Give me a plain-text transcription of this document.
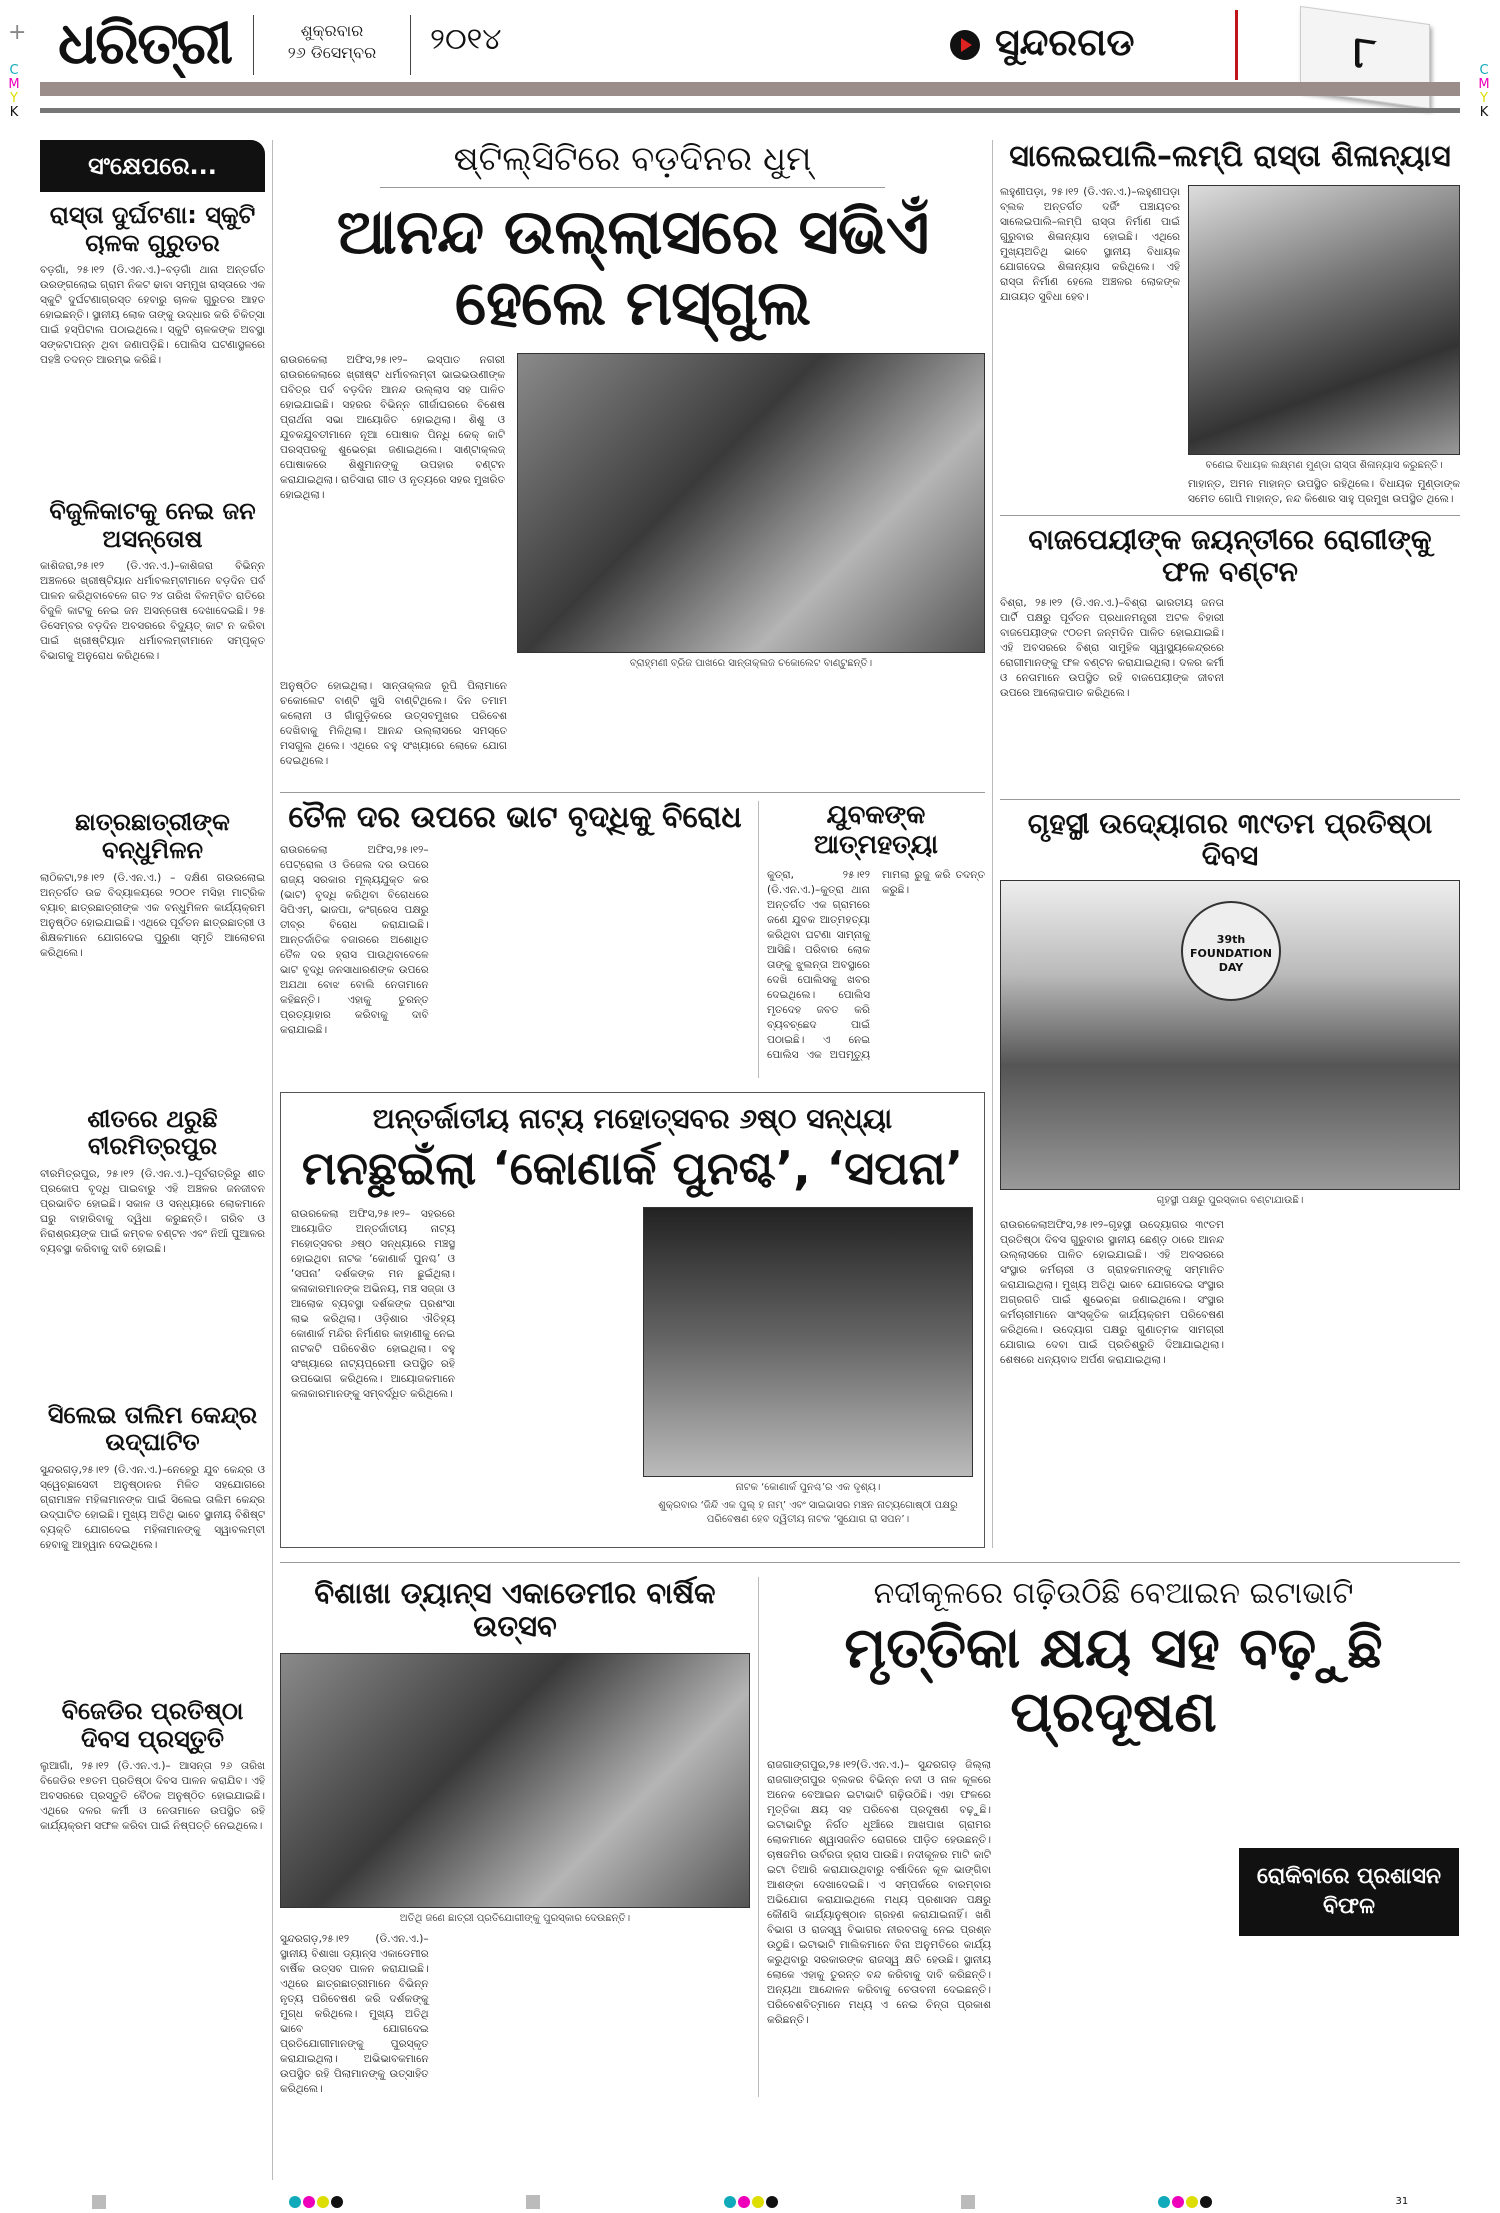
+
C
M
Y
K
C
M
Y
K
ଧରିତ୍ରୀ	ଶୁକ୍ରବାର
୨୬ ଡିସେମ୍ବର	୨୦୧୪	ସୁନ୍ଦରଗଡ	୮
ସଂକ୍ଷେପରେ...
ରାସ୍ତା ଦୁର୍ଘଟଣା: ସ୍କୁଟି ଚାଳକ ଗୁରୁତର
ବଡ଼ଗାଁ, ୨୫।୧୨ (ଡି.ଏନ.ଏ.)–ବଡ଼ଗାଁ ଥାନା ଅନ୍ତର୍ଗତ ଉରଙ୍ଗଲୋଇ ଗ୍ରାମ ନିକଟ ଢାବା ସମ୍ମୁଖ ରାସ୍ତାରେ ଏକ ସ୍କୁଟି ଦୁର୍ଘଟଣାଗ୍ରସ୍ତ ହେବାରୁ ଚାଳକ ଗୁରୁତର ଆହତ ହୋଇଛନ୍ତି। ସ୍ଥାନୀୟ ଲୋକ ତାଙ୍କୁ ଉଦ୍ଧାର କରି ଚିକିତ୍ସା ପାଇଁ ହସ୍ପିଟାଲ ପଠାଇଥିଲେ। ସ୍କୁଟି ଚାଳକଙ୍କ ଅବସ୍ଥା ସଙ୍କଟାପନ୍ନ ଥିବା ଜଣାପଡ଼ିଛି। ପୋଲିସ ଘଟଣାସ୍ଥଳରେ ପହଞ୍ଚି ତଦନ୍ତ ଆରମ୍ଭ କରିଛି।
ବିଜୁଳିକାଟକୁ ନେଇ ଜନ ଅସନ୍ତୋଷ
କାଶିଜରା,୨୫।୧୨ (ଡି.ଏନ.ଏ.)–କାଶିଜରା ବିଭିନ୍ନ ଅଞ୍ଚଳରେ ଖ୍ରୀଷ୍ଟିୟାନ ଧର୍ମାବଲମ୍ବୀମାନେ ବଡ଼ଦିନ ପର୍ବ ପାଳନ କରିଥିବାବେଳେ ଗତ ୨୪ ତାରିଖ ବିଳମ୍ବିତ ରାତିରେ ବିଜୁଳି କାଟକୁ ନେଇ ଜନ ଅସନ୍ତୋଷ ଦେଖାଦେଇଛି। ୨୫ ଡିସେମ୍ବର ବଡ଼ଦିନ ଅବସରରେ ବିଦ୍ୟୁତ୍ କାଟ ନ କରିବା ପାଇଁ ଖ୍ରୀଷ୍ଟିୟାନ ଧର୍ମାବଲମ୍ବୀମାନେ ସମ୍ପୃକ୍ତ ବିଭାଗକୁ ଅନୁରୋଧ କରିଥିଲେ।
ଛାତ୍ରଛାତ୍ରୀଙ୍କ ବନ୍ଧୁମିଳନ
ଲାଠିକଟା,୨୫।୧୨ (ଡି.ଏନ.ଏ.) – ଦକ୍ଷିଣ ଗଉରଲୋଇ ଅନ୍ତର୍ଗତ ଉଚ୍ଚ ବିଦ୍ୟାଳୟରେ ୨୦୦୧ ମସିହା ମାଟ୍ରିକ ବ୍ୟାଚ୍ ଛାତ୍ରଛାତ୍ରୀଙ୍କ ଏକ ବନ୍ଧୁମିଳନ କାର୍ଯ୍ୟକ୍ରମ ଅନୁଷ୍ଠିତ ହୋଇଯାଇଛି। ଏଥିରେ ପୂର୍ବତନ ଛାତ୍ରଛାତ୍ରୀ ଓ ଶିକ୍ଷକମାନେ ଯୋଗଦେଇ ପୁରୁଣା ସ୍ମୃତି ଆଲୋଚନା କରିଥିଲେ।
ଶୀତରେ ଥରୁଛି ବୀରମିତ୍ରପୁର
ବୀରମିତ୍ରପୁର, ୨୫।୧୨ (ଡି.ଏନ.ଏ.)–ପୂର୍ବରାତ୍ରିରୁ ଶୀତ ପ୍ରକୋପ ବୃଦ୍ଧି ପାଇବାରୁ ଏହି ଅଞ୍ଚଳର ଜନଜୀବନ ପ୍ରଭାବିତ ହୋଇଛି। ସକାଳ ଓ ସନ୍ଧ୍ୟାରେ ଲୋକମାନେ ଘରୁ ବାହାରିବାକୁ ଦ୍ୱିଧା କରୁଛନ୍ତି। ଗରିବ ଓ ନିରାଶ୍ରୟଙ୍କ ପାଇଁ କମ୍ବଳ ବଣ୍ଟନ ଏବଂ ନିଆଁ ପୁଆଳର ବ୍ୟବସ୍ଥା କରିବାକୁ ଦାବି ହୋଇଛି।
ସିଲେଇ ତାଲିମ କେନ୍ଦ୍ର ଉଦ୍‌ଘାଟିତ
ସୁନ୍ଦରଗଡ଼,୨୫।୧୨ (ଡି.ଏନ.ଏ.)–ନେହେରୁ ଯୁବ କେନ୍ଦ୍ର ଓ ସ୍ୱେଚ୍ଛାସେବୀ ଅନୁଷ୍ଠାନର ମିଳିତ ସହଯୋଗରେ ଗ୍ରାମାଞ୍ଚଳ ମହିଳାମାନଙ୍କ ପାଇଁ ସିଲେଇ ତାଲିମ କେନ୍ଦ୍ର ଉଦ୍‌ଘାଟିତ ହୋଇଛି। ମୁଖ୍ୟ ଅତିଥି ଭାବେ ସ୍ଥାନୀୟ ବିଶିଷ୍ଟ ବ୍ୟକ୍ତି ଯୋଗଦେଇ ମହିଳାମାନଙ୍କୁ ସ୍ୱାବଲମ୍ବୀ ହେବାକୁ ଆହ୍ୱାନ ଦେଇଥିଲେ।
ବିଜେଡିର ପ୍ରତିଷ୍ଠା ଦିବସ ପ୍ରସ୍ତୁତି
ଲୁଆଗାଁ, ୨୫।୧୨ (ଡି.ଏନ.ଏ.)– ଆସନ୍ତା ୨୬ ତାରିଖ ବିଜେଡିର ୧୭ତମ ପ୍ରତିଷ୍ଠା ଦିବସ ପାଳନ କରାଯିବ। ଏହି ଅବସରରେ ପ୍ରସ୍ତୁତି ବୈଠକ ଅନୁଷ୍ଠିତ ହୋଇଯାଇଛି। ଏଥିରେ ଦଳର କର୍ମୀ ଓ ନେତାମାନେ ଉପସ୍ଥିତ ରହି କାର୍ଯ୍ୟକ୍ରମ ସଫଳ କରିବା ପାଇଁ ନିଷ୍ପତ୍ତି ନେଇଥିଲେ।
ଷ୍ଟିଲ୍‌ସିଟିରେ ବଡ଼ଦିନର ଧୁମ୍
ଆନନ୍ଦ ଉଲ୍ଲାସରେ ସଭିଏଁ ହେଲେ ମସ୍‌ଗୁଲ
ରାଉରକେଲା ଅଫିସ,୨୫।୧୨– ଇସ୍ପାତ ନଗରୀ ରାଉରକେଲାରେ ଖ୍ରୀଷ୍ଟ ଧର୍ମାବଲମ୍ବୀ ଭାଇଭଉଣୀଙ୍କ ପବିତ୍ର ପର୍ବ ବଡ଼ଦିନ ଆନନ୍ଦ ଉଲ୍ଲାସ ସହ ପାଳିତ ହୋଇଯାଇଛି। ସହରର ବିଭିନ୍ନ ଗୀର୍ଜାଘରରେ ବିଶେଷ ପ୍ରାର୍ଥନା ସଭା ଆୟୋଜିତ ହୋଇଥିଲା। ଶିଶୁ ଓ ଯୁବକଯୁବତୀମାନେ ନୂଆ ପୋଷାକ ପିନ୍ଧି କେକ୍ କାଟି ପରସ୍ପରକୁ ଶୁଭେଚ୍ଛା ଜଣାଇଥିଲେ। ସାଣ୍ଟାକ୍ଲଜ୍ ପୋଷାକରେ ଶିଶୁମାନଙ୍କୁ ଉପହାର ବଣ୍ଟନ କରାଯାଇଥିଲା। ରାତିସାରା ଗୀତ ଓ ନୃତ୍ୟରେ ସହର ମୁଖରିତ ହୋଇଥିଲା।
ବ୍ରାହ୍ମଣୀ ବ୍ରିଜ ପାଖରେ ସାନ୍ତାକ୍ଲଜ ଚକୋଲେଟ ବାଣ୍ଟୁଛନ୍ତି।
ଅନୁଷ୍ଠିତ ହୋଇଥିଲା। ସାନ୍ତାକ୍ଲଜ ରୂପି ପିଲାମାନେ ଚକୋଲେଟ ବାଣ୍ଟି ଖୁସି ବାଣ୍ଟିଥିଲେ। ଦିନ ତମାମ କଲୋନୀ ଓ ଗାଁଗୁଡ଼ିକରେ ଉତ୍ସବମୁଖର ପରିବେଶ ଦେଖିବାକୁ ମିଳିଥିଲା। ଆନନ୍ଦ ଉଲ୍ଲାସରେ ସମସ୍ତେ ମସଗୁଲ ଥିଲେ। ଏଥିରେ ବହୁ ସଂଖ୍ୟାରେ ଲୋକେ ଯୋଗ ଦେଇଥିଲେ।
ତୈଳ ଦର ଉପରେ ଭାଟ ବୃଦ୍ଧିକୁ ବିରୋଧ
ରାଉରକେଲା ଅଫିସ,୨୫।୧୨– ପେଟ୍ରୋଲ ଓ ଡିଜେଲ ଦର ଉପରେ ରାଜ୍ୟ ସରକାର ମୂଲ୍ୟଯୁକ୍ତ କର (ଭାଟ) ବୃଦ୍ଧି କରିଥିବା ବିରୋଧରେ ସିପିଏମ୍, ଭାଜପା, କଂଗ୍ରେସ ପକ୍ଷରୁ ତୀବ୍ର ବିରୋଧ କରାଯାଇଛି। ଆନ୍ତର୍ଜାତିକ ବଜାରରେ ଅଶୋଧିତ ତୈଳ ଦର ହ୍ରାସ ପାଉଥିବାବେଳେ ଭାଟ ବୃଦ୍ଧି ଜନସାଧାରଣଙ୍କ ଉପରେ ଅଯଥା ବୋଝ ବୋଲି ନେତାମାନେ କହିଛନ୍ତି। ଏହାକୁ ତୁରନ୍ତ ପ୍ରତ୍ୟାହାର କରିବାକୁ ଦାବି କରାଯାଇଛି।
ଯୁବକଙ୍କ ଆତ୍ମହତ୍ୟା
କୁତ୍ରା, ୨୫।୧୨ (ଡି.ଏନ.ଏ.)–କୁତ୍ରା ଥାନା ଅନ୍ତର୍ଗତ ଏକ ଗ୍ରାମରେ ଜଣେ ଯୁବକ ଆତ୍ମହତ୍ୟା କରିଥିବା ଘଟଣା ସାମ୍ନାକୁ ଆସିଛି। ପରିବାର ଲୋକ ତାଙ୍କୁ ଝୁଲନ୍ତା ଅବସ୍ଥାରେ ଦେଖି ପୋଲିସକୁ ଖବର ଦେଇଥିଲେ। ପୋଲିସ ମୃତଦେହ ଜବତ କରି ବ୍ୟବଚ୍ଛେଦ ପାଇଁ ପଠାଇଛି। ଏ ନେଇ ପୋଲିସ ଏକ ଅପମୃତ୍ୟୁ ମାମଲା ରୁଜୁ କରି ତଦନ୍ତ କରୁଛି।
ଅନ୍ତର୍ଜାତୀୟ ନାଟ୍ୟ ମହୋତ୍ସବର ୬ଷ୍ଠ ସନ୍ଧ୍ୟା
ମନଛୁଇଁଲା ‘କୋଣାର୍କ ପୁନଶ୍ଚ’, ‘ସପନା’
ରାଉରକେଲା ଅଫିସ,୨୫।୧୨– ସହରରେ ଆୟୋଜିତ ଅନ୍ତର୍ଜାତୀୟ ନାଟ୍ୟ ମହୋତ୍ସବର ୬ଷ୍ଠ ସନ୍ଧ୍ୟାରେ ମଞ୍ଚସ୍ଥ ହୋଇଥିବା ନାଟକ ‘କୋଣାର୍କ ପୁନଶ୍ଚ’ ଓ ‘ସପନା’ ଦର୍ଶକଙ୍କ ମନ ଛୁଇଁଥିଲା। କଳାକାରମାନଙ୍କ ଅଭିନୟ, ମଞ୍ଚ ସଜ୍ଜା ଓ ଆଲୋକ ବ୍ୟବସ୍ଥା ଦର୍ଶକଙ୍କ ପ୍ରଶଂସା ଲାଭ କରିଥିଲା। ଓଡ଼ିଶାର ଐତିହ୍ୟ କୋଣାର୍କ ମନ୍ଦିର ନିର୍ମାଣର କାହାଣୀକୁ ନେଇ ନାଟକଟି ପରିବେଶିତ ହୋଇଥିଲା। ବହୁ ସଂଖ୍ୟାରେ ନାଟ୍ୟପ୍ରେମୀ ଉପସ୍ଥିତ ରହି ଉପଭୋଗ କରିଥିଲେ। ଆୟୋଜକମାନେ କଳାକାରମାନଙ୍କୁ ସମ୍ବର୍ଦ୍ଧିତ କରିଥିଲେ।
ନାଟକ ‘କୋଣାର୍କ ପୁନଶ୍ଚ’ର ଏକ ଦୃଶ୍ୟ।
ଶୁକ୍ରବାର ‘ଜିନ୍ଦି ଏକ ପୁଲ୍ ହ ନାମ୍’ ଏବଂ ସାଇଭାସର ମଞ୍ଚନ ନାଟ୍ୟଗୋଷ୍ଠୀ ପକ୍ଷରୁ ପରିବେଷଣ ହେବ ଦ୍ୱିତୀୟ ନାଟକ ‘ସୁଯୋଗ ରା ସପନ’।
ସାଲେଇପାଲି–ଲମ୍ପି ରାସ୍ତା ଶିଳାନ୍ୟାସ
ଲହୁଣୀପଡ଼ା, ୨୫।୧୨ (ଡି.ଏନ.ଏ.)–ଲହୁଣୀପଡ଼ା ବ୍ଲକ ଅନ୍ତର୍ଗତ ଦର୍ଜିଂ ପଞ୍ଚାୟତର ସାଲେଇପାଲି–ଲମ୍ପି ରାସ୍ତା ନିର୍ମାଣ ପାଇଁ ଗୁରୁବାର ଶିଳାନ୍ୟାସ ହୋଇଛି। ଏଥିରେ ମୁଖ୍ୟଅତିଥି ଭାବେ ସ୍ଥାନୀୟ ବିଧାୟକ ଯୋଗଦେଇ ଶିଳାନ୍ୟାସ କରିଥିଲେ। ଏହି ରାସ୍ତା ନିର୍ମାଣ ହେଲେ ଅଞ୍ଚଳର ଲୋକଙ୍କ ଯାତାୟତ ସୁବିଧା ହେବ।
ବଣେଇ ବିଧାୟକ ଲକ୍ଷ୍ମଣ ମୁଣ୍ଡା ରାସ୍ତା ଶିଳାନ୍ୟାସ କରୁଛନ୍ତି।
ମାହାନ୍ତ, ଅମନ ମାହାନ୍ତ ଉପସ୍ଥିତ ରହିଥିଲେ। ବିଧାୟକ ମୁଣ୍ଡାଙ୍କ ସମେତ ଗୋପି ମାହାନ୍ତ, ନନ୍ଦ କିଶୋର ସାହୁ ପ୍ରମୁଖ ଉପସ୍ଥିତ ଥିଲେ।
ବାଜପେୟୀଙ୍କ ଜୟନ୍ତୀରେ ରୋଗୀଙ୍କୁ ଫଳ ବଣ୍ଟନ
ବିଶ୍ରା, ୨୫।୧୨ (ଡି.ଏନ.ଏ.)–ବିଶ୍ରା ଭାରତୀୟ ଜନତା ପାର୍ଟି ପକ୍ଷରୁ ପୂର୍ବତନ ପ୍ରଧାନମନ୍ତ୍ରୀ ଅଟଳ ବିହାରୀ ବାଜପେୟୀଙ୍କ ୯୦ତମ ଜନ୍ମଦିନ ପାଳିତ ହୋଇଯାଇଛି। ଏହି ଅବସରରେ ବିଶ୍ରା ସାମୁହିକ ସ୍ୱାସ୍ଥ୍ୟକେନ୍ଦ୍ରରେ ରୋଗୀମାନଙ୍କୁ ଫଳ ବଣ୍ଟନ କରାଯାଇଥିଲା। ଦଳର କର୍ମୀ ଓ ନେତାମାନେ ଉପସ୍ଥିତ ରହି ବାଜପେୟୀଙ୍କ ଜୀବନୀ ଉପରେ ଆଲୋକପାତ କରିଥିଲେ।
ଗୃହସ୍ଥୀ ଉଦ୍ୟୋଗର ୩୯ତମ ପ୍ରତିଷ୍ଠା ଦିବସ
39th FOUNDATION DAY
ଗୃହସ୍ଥୀ ପକ୍ଷରୁ ପୁରସ୍କାର ବଣ୍ଟାଯାଉଛି।
ରାଉରକେଲାଅଫିସ,୨୫।୧୨–ଗୃହସ୍ଥୀ ଉଦ୍ୟୋଗର ୩୯ତମ ପ୍ରତିଷ୍ଠା ଦିବସ ଗୁରୁବାର ସ୍ଥାନୀୟ ଛେଣ୍ଡ଼ ଠାରେ ଆନନ୍ଦ ଉଲ୍ଲାସରେ ପାଳିତ ହୋଇଯାଇଛି। ଏହି ଅବସରରେ ସଂସ୍ଥାର କର୍ମଚାରୀ ଓ ଗ୍ରାହକମାନଙ୍କୁ ସମ୍ମାନିତ କରାଯାଇଥିଲା। ମୁଖ୍ୟ ଅତିଥି ଭାବେ ଯୋଗଦେଇ ସଂସ୍ଥାର ଅଗ୍ରଗତି ପାଇଁ ଶୁଭେଚ୍ଛା ଜଣାଇଥିଲେ। ସଂସ୍ଥାର କର୍ମଚାରୀମାନେ ସାଂସ୍କୃତିକ କାର୍ଯ୍ୟକ୍ରମ ପରିବେଷଣ କରିଥିଲେ। ଉଦ୍ୟୋଗ ପକ୍ଷରୁ ଗୁଣାତ୍ମକ ସାମଗ୍ରୀ ଯୋଗାଇ ଦେବା ପାଇଁ ପ୍ରତିଶ୍ରୁତି ଦିଆଯାଇଥିଲା। ଶେଷରେ ଧନ୍ୟବାଦ ଅର୍ପଣ କରାଯାଇଥିଲା।
ବିଶାଖା ଡ୍ୟାନ୍ସ ଏକାଡେମୀର ବାର୍ଷିକ ଉତ୍ସବ
ଅତିଥି ଜଣେ ଛାତ୍ରୀ ପ୍ରତିଯୋଗୀଙ୍କୁ ପୁରସ୍କାର ଦେଉଛନ୍ତି।
ସୁନ୍ଦରଗଡ଼,୨୫।୧୨ (ଡି.ଏନ.ଏ.)–ସ୍ଥାନୀୟ ବିଶାଖା ଡ୍ୟାନ୍ସ ଏକାଡେମୀର ବାର୍ଷିକ ଉତ୍ସବ ପାଳନ କରାଯାଇଛି। ଏଥିରେ ଛାତ୍ରଛାତ୍ରୀମାନେ ବିଭିନ୍ନ ନୃତ୍ୟ ପରିବେଷଣ କରି ଦର୍ଶକଙ୍କୁ ମୁଗ୍ଧ କରିଥିଲେ। ମୁଖ୍ୟ ଅତିଥି ଭାବେ ଯୋଗଦେଇ ପ୍ରତିଯୋଗୀମାନଙ୍କୁ ପୁରସ୍କୃତ କରାଯାଇଥିଲା। ଅଭିଭାବକମାନେ ଉପସ୍ଥିତ ରହି ପିଲାମାନଙ୍କୁ ଉତ୍ସାହିତ କରିଥିଲେ।
ନଦୀକୂଳରେ ଗଢ଼ିଉଠିଛି ବେଆଇନ ଇଟାଭାଟି
ମୃତ୍ତିକା କ୍ଷୟ ସହ ବଢ଼ୁଛି ପ୍ରଦୂଷଣ
ରାଜଗାଙ୍ଗପୁର,୨୫।୧୨(ଡି.ଏନ.ଏ.)– ସୁନ୍ଦରଗଡ଼ ଜିଲ୍ଲା ରାଜଗାଙ୍ଗପୁର ବ୍ଲକର ବିଭିନ୍ନ ନଦୀ ଓ ନାଳ କୂଳରେ ଅନେକ ବେଆଇନ ଇଟାଭାଟି ଗଢ଼ିଉଠିଛି। ଏହା ଫଳରେ ମୃତ୍ତିକା କ୍ଷୟ ସହ ପରିବେଶ ପ୍ରଦୂଷଣ ବଢ଼ୁଛି। ଇଟାଭାଟିରୁ ନିର୍ଗତ ଧୂଆଁରେ ଆଖପାଖ ଗ୍ରାମର ଲୋକମାନେ ଶ୍ୱାସଜନିତ ରୋଗରେ ପୀଡ଼ିତ ହେଉଛନ୍ତି। ଚାଷଜମିର ଉର୍ବରତା ହ୍ରାସ ପାଉଛି। ନଦୀକୂଳର ମାଟି କାଟି ଇଟା ତିଆରି କରାଯାଉଥିବାରୁ ବର୍ଷାଦିନେ କୂଳ ଭାଙ୍ଗିବା ଆଶଙ୍କା ଦେଖାଦେଇଛି। ଏ ସମ୍ପର୍କରେ ବାରମ୍ବାର ଅଭିଯୋଗ କରାଯାଇଥିଲେ ମଧ୍ୟ ପ୍ରଶାସନ ପକ୍ଷରୁ କୌଣସି କାର୍ଯ୍ୟାନୁଷ୍ଠାନ ଗ୍ରହଣ କରାଯାଇନାହିଁ। ଖଣି ବିଭାଗ ଓ ରାଜସ୍ୱ ବିଭାଗର ନୀରବତାକୁ ନେଇ ପ୍ରଶ୍ନ ଉଠୁଛି। ଇଟାଭାଟି ମାଲିକମାନେ ବିନା ଅନୁମତିରେ କାର୍ଯ୍ୟ କରୁଥିବାରୁ ସରକାରଙ୍କ ରାଜସ୍ୱ କ୍ଷତି ହେଉଛି। ସ୍ଥାନୀୟ ଲୋକେ ଏହାକୁ ତୁରନ୍ତ ବନ୍ଦ କରିବାକୁ ଦାବି କରିଛନ୍ତି। ଅନ୍ୟଥା ଆନ୍ଦୋଳନ କରିବାକୁ ଚେତାବନୀ ଦେଇଛନ୍ତି। ପରିବେଶବିତ୍‌ମାନେ ମଧ୍ୟ ଏ ନେଇ ଚିନ୍ତା ପ୍ରକାଶ କରିଛନ୍ତି।
ରୋକିବାରେ ପ୍ରଶାସନ ବିଫଳ
31
